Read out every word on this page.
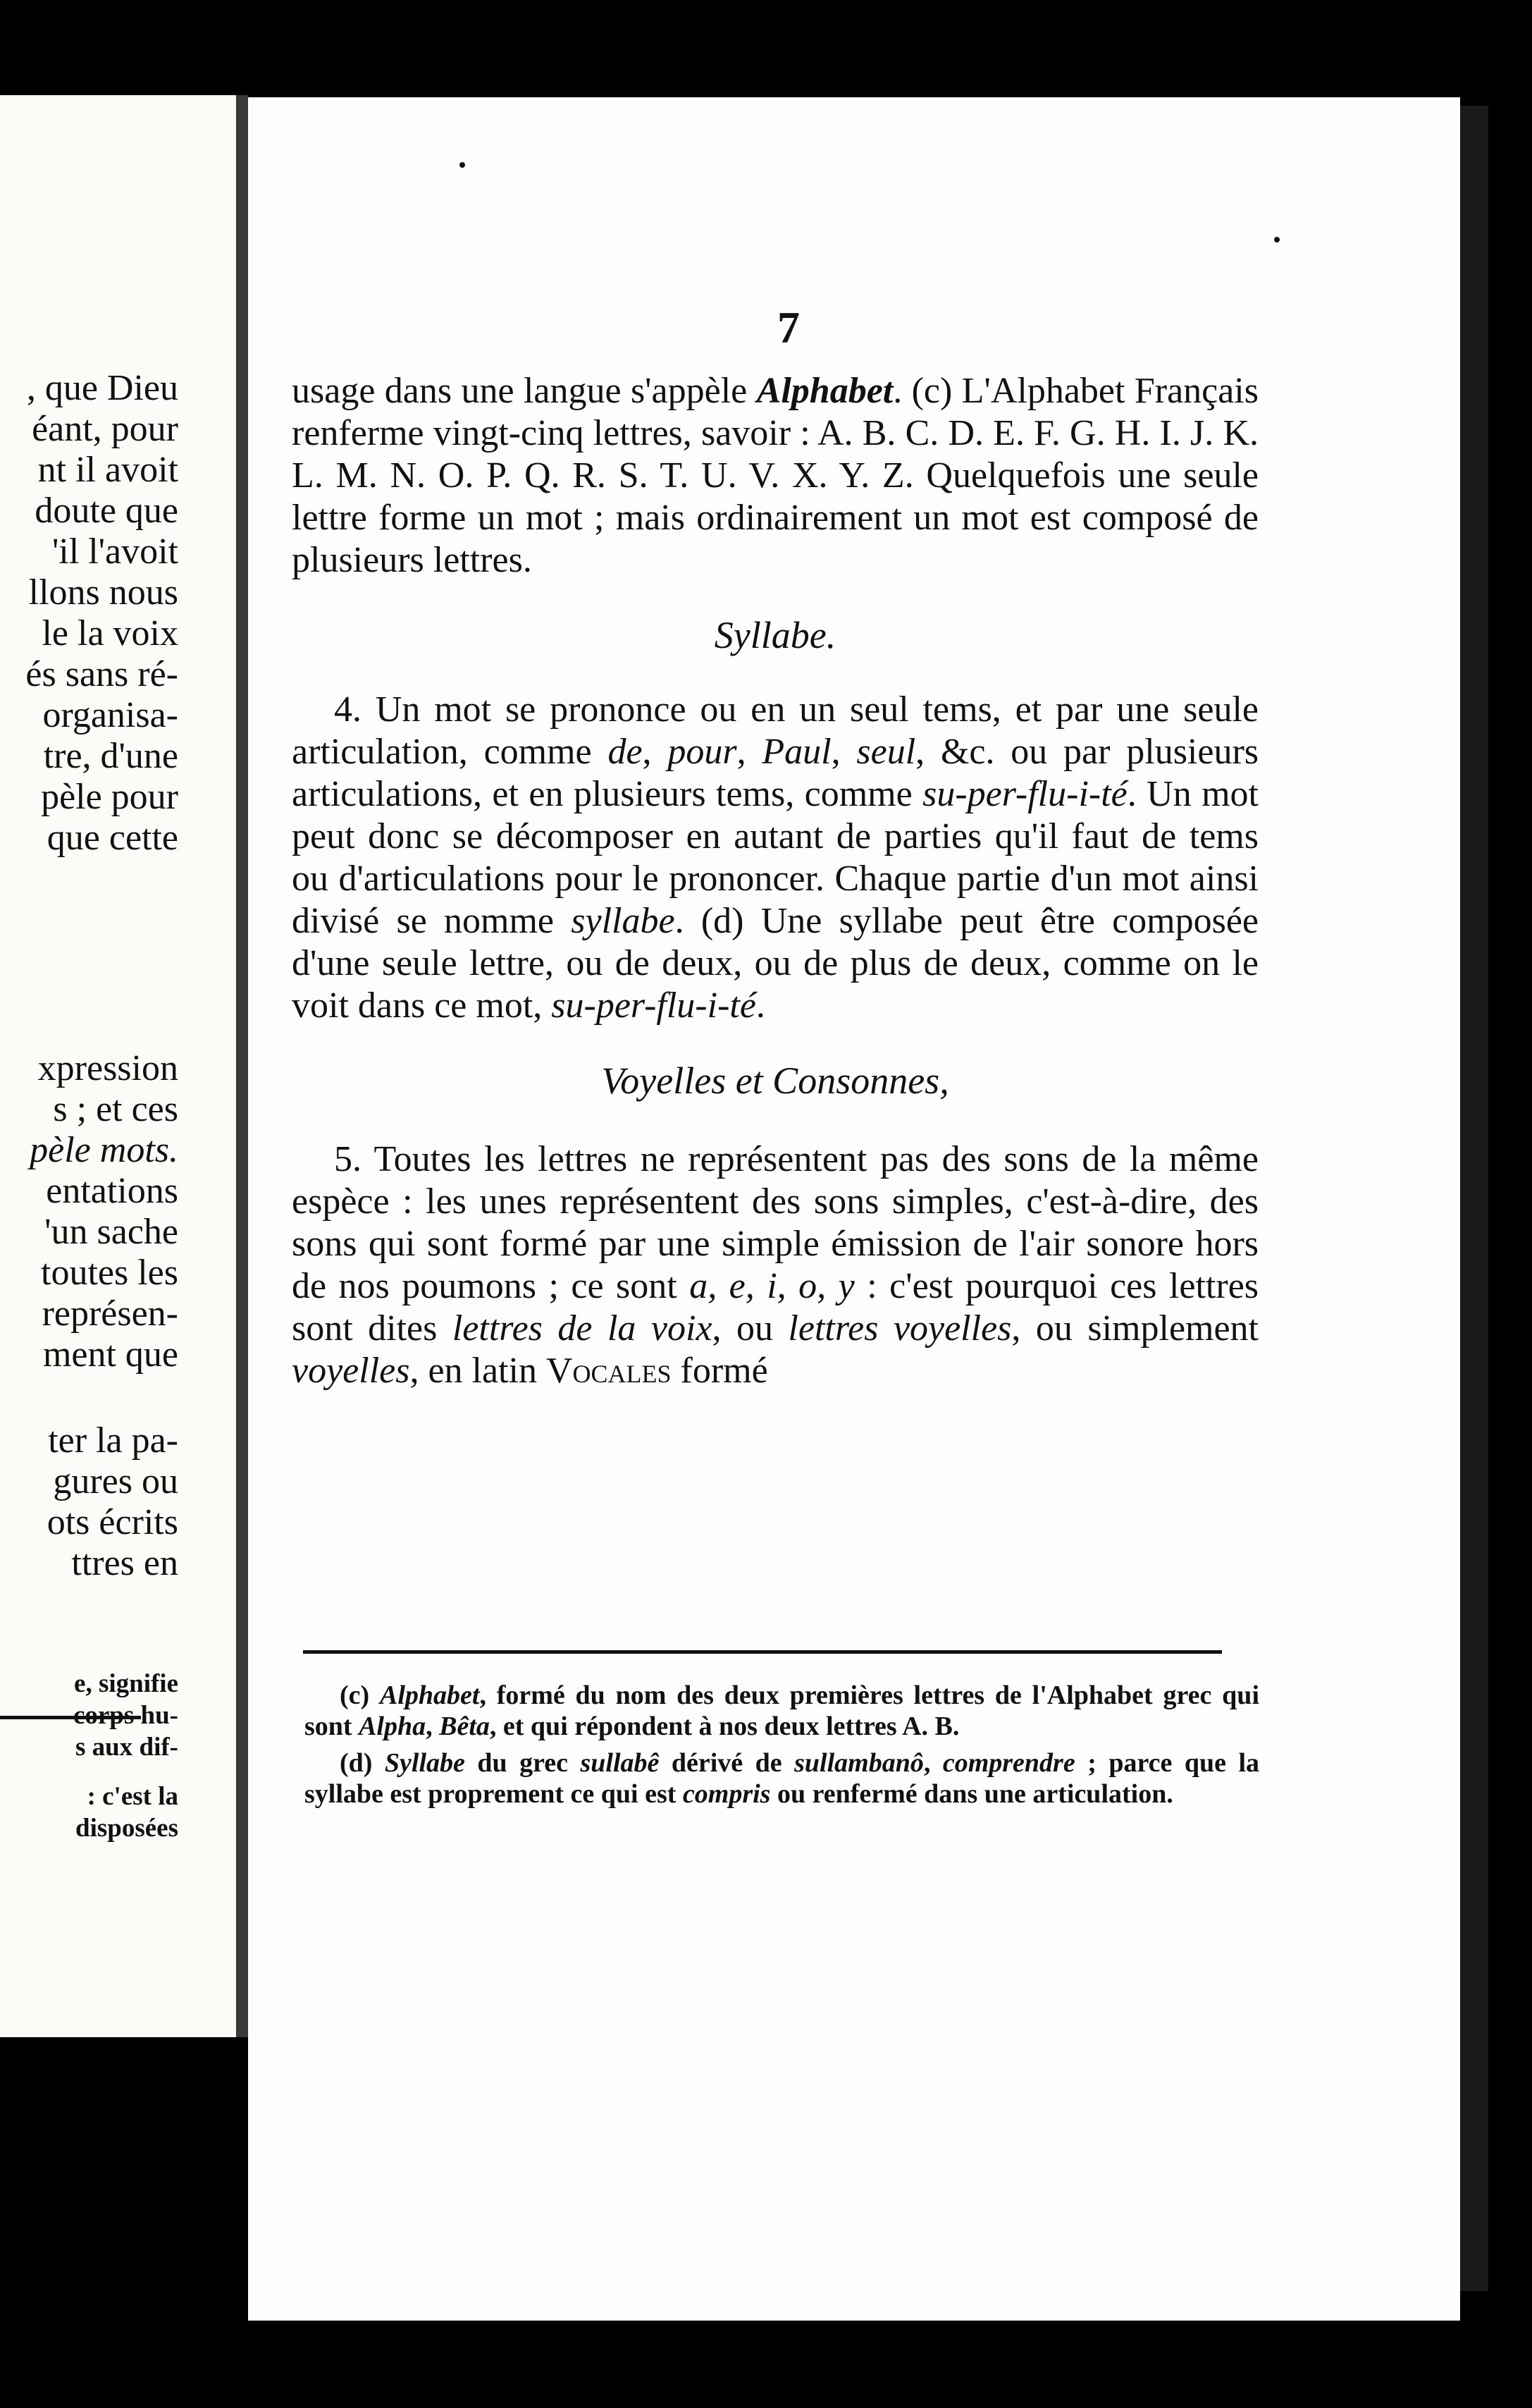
, que Dieu
éant, pour
nt il avoit
doute que
'il l'avoit
llons nous
le la voix
és sans ré-
organisa-
tre, d'une
pèle pour
que cette
xpression
s ; et ces
pèle mots.
entations
'un sache
toutes les
représen-
ment que
ter la pa-
gures ou
ots écrits
ttres en
e, signifie
corps hu-
s aux dif-
: c'est la
disposées
7

usage dans une langue s'appèle Alphabet. (c) L'Alphabet Français renferme vingt-cinq lettres, savoir : A. B. C. D. E. F. G. H. I. J. K. L. M. N. O. P. Q. R. S. T. U. V. X. Y. Z. Quelquefois une seule lettre forme un mot ; mais ordinairement un mot est composé de plusieurs lettres.

Syllabe.

4. Un mot se prononce ou en un seul tems, et par une seule articulation, comme de, pour, Paul, seul, &c. ou par plusieurs articulations, et en plusieurs tems, comme su-per-flu-i-té. Un mot peut donc se décomposer en autant de parties qu'il faut de tems ou d'articulations pour le prononcer. Chaque partie d'un mot ainsi divisé se nomme syllabe. (d) Une syllabe peut être composée d'une seule lettre, ou de deux, ou de plus de deux, comme on le voit dans ce mot, su-per-flu-i-té.

Voyelles et Consonnes,

5. Toutes les lettres ne représentent pas des sons de la même espèce : les unes représentent des sons simples, c'est-à-dire, des sons qui sont formé par une simple émission de l'air sonore hors de nos poumons ; ce sont a, e, i, o, y : c'est pourquoi ces lettres sont dites lettres de la voix, ou lettres voyelles, ou simplement voyelles, en latin Vocales formé

(c) Alphabet, formé du nom des deux premières lettres de l'Alphabet grec qui sont Alpha, Bêta, et qui répondent à nos deux lettres A. B.

(d) Syllabe du grec sullabê dérivé de sullambanô, comprendre ; parce que la syllabe est proprement ce qui est compris ou renfermé dans une articulation.
